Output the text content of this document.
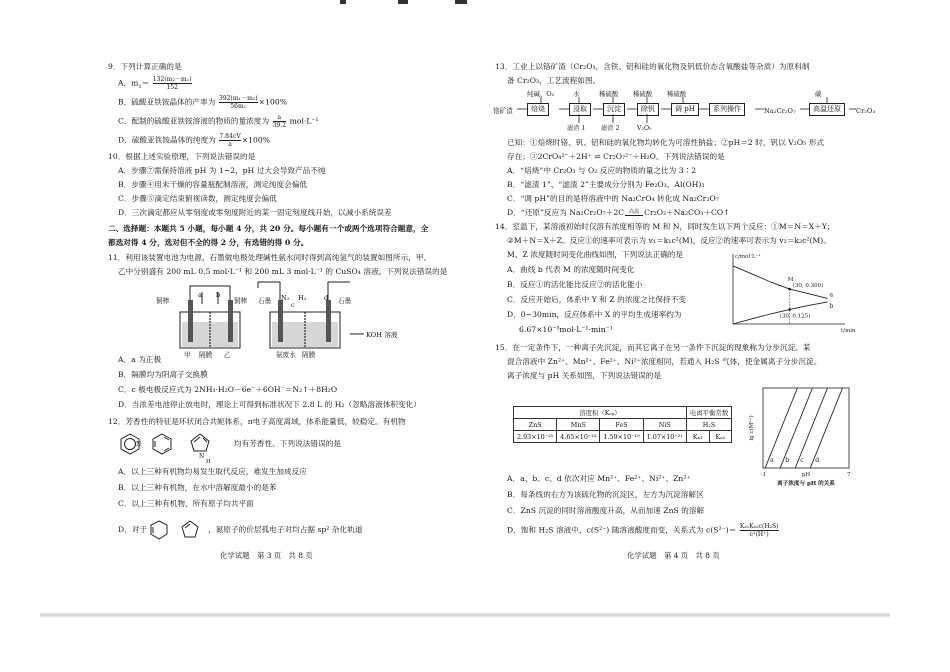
9．下列计算正确的是
A．$m_1= \frac{\text{132(m₂－m₁)}}{152}$
B．硫酸亚铁铵晶体的产率为 $\frac{\text{392(m₁－m₂)}}{\text{56m₁}} \times 100\%$
C．配制的硫酸亚铁铵溶液的物质的量浓度为 $\frac{a}{39.2} mol\cdot L^{-1}$
D．硫酸亚铁铵晶体的纯度为 $\frac{7.84cV}{a} \times 100\%$
10．根据上述实验原理，下列说法错误的是
A．步骤⑦需保持溶液 pH 为 1~2，pH 过大会导致产品不纯
B．步骤④用未干燥的容量瓶配制溶液，测定纯度会偏低
C．步骤⑤滴定结束俯视读数，测定纯度会偏低
D．三次滴定都应从零刻度或零刻度附近的某一固定刻度线开始，以减小系统误差
二、选择题：本题共 5 小题，每小题 4 分，共 20 分。每小题有一个或两个选项符合题意，全
都选对得 4 分，选对但不全的得 2 分，有选错的得 0 分。
11．利用该装置电池为电源，石墨做电极处理碱性氨水同时得到高纯氢气的装置如图所示，甲、
乙中分别盛有 200 mL 0.5 mol·L⁻¹ 和 200 mL 3 mol·L⁻¹ 的 CuSO₄ 溶液。下列说法错误的是
铜棒
a b
铜棒 石墨 N₂ H₂
c
d 石墨
KOH 溶液
甲 隔膜 乙	氨废水 隔膜
A．a 为正极
B．隔膜均为阴离子交换膜
C．c 极电极反应式为 2NH₃·H₂O－6e⁻＋6OH⁻＝N₂↑＋8H₂O
D．当浓差电池停止放电时，理论上可得到标准状况下 2.8 L 的 H₂（忽略溶液体积变化）
12．芳香性的特征是环状闭合共轭体系，π电子高度离域，体系能量低，较稳定。有机物
N
N
H
均有芳香性。下列说法错误的是
A．以上三种有机物均易发生取代反应，难发生加成反应
B．以上三种有机物，在水中溶解度最小的是苯
C．以上三种有机物，所有原子均共平面
D．对于	，氮原子的价层孤电子对均占据 sp² 杂化轨道
化学试题　第 3 页　共 8 页
13．工业上以铬矿渣（Cr₂O₃，含铁、铝和硅的氧化物及钒低价态含氧酸盐等杂质）为原料制
备 Cr₂O₃，工艺流程如图。
纯碱、O₂	水	稀硫酸 稀硫酸 稀硫酸	碳
铬矿渣	焙烧	浸取	沉淀	除钒	调 pH	系列操作	Na₂Cr₂O₇	高温还原	Cr₂O₃
滤渣 1	滤渣 2	V₂O₅
已知：①焙烧时铬、钒、铝和硅的氧化物均转化为可溶性钠盐；②pH＝2 时，钒以 V₂O₅ 形式
存在；③2CrO₄²⁻＋2H⁺ ⇌ Cr₂O₇²⁻＋H₂O。下列说法错误的是
A．“焙烧”中 Cr₂O₃ 与 O₂ 反应的物质的量之比为 3∶2
B．“滤渣 1”、“滤渣 2”主要成分分别为 Fe₂O₃、Al(OH)₃
C．“调 pH”的目的是将溶液中的 Na₂CrO₄ 转化成 Na₂Cr₂O₇
D．“还原”反应为 Na₂Cr₂O₇＋2C 高温 Cr₂O₃＋Na₂CO₃＋CO↑
14．室温下，某溶液初始时仅溶有浓度相等的 M 和 N，同时发生以下两个反应：①M＝N＝X＋Y；
②M＋N＝X＋Z。反应①的速率可表示为 v₁＝k₁c²(M)，反应②的速率可表示为 v₂＝k₂c²(M)。
M、Z 浓度随时间变化曲线如图，下列说法正确的是
A．曲线 b 代表 M 的浓度随时间变化
B．反应①的活化能比反应②的活化能小
C．反应开始后，体系中 Y 和 Z 的浓度之比保持不变
D．0~30min，反应体系中 X 的平均生成速率约为
6.67×10⁻³mol·L⁻¹·min⁻¹
c/mol·L⁻¹
t/min
a
b
(30, 0.300)
(30, 0.125)
M
15．在一定条件下，一种离子先沉淀，而其它离子在另一条件下沉淀的现象称为分步沉淀。某
混合溶液中 Zn²⁺、Mn²⁺、Fe²⁺、Ni²⁺浓度相同，若通入 H₂S 气体，使金属离子分步沉淀。
离子浓度与 pH 关系如图，下列说法错误的是
溶度积（Kₛₚ）				电离平衡常数	
ZnS	MnS	FeS	NiS	H₂S	
2.93×10⁻²⁵	4.65×10⁻¹⁴	1.59×10⁻¹⁹	1.07×10⁻²¹	Kₐ₁	Kₐ₂	lg c(Mⁿ⁺)
pH
-1	7
离子浓度与 pH 的关系
a b c d
A．a、b、c、d 依次对应 Mn²⁺、Fe²⁺、Ni²⁺、Zn²⁺
B．每条线的右方为该硫化物的沉淀区，左方为沉淀溶解区
C．ZnS 沉淀的同时溶液酸度升高，从而加速 ZnS 的溶解
D．饱和 H₂S 溶液中，c(S²⁻) 随溶液酸度而变，关系式为 $c(S^{2-})= \frac{\text{Kₐ₁Kₐ₂c(H₂S)}}{\text{c²(H⁺)}}$
化学试题　第 4 页　共 8 页
